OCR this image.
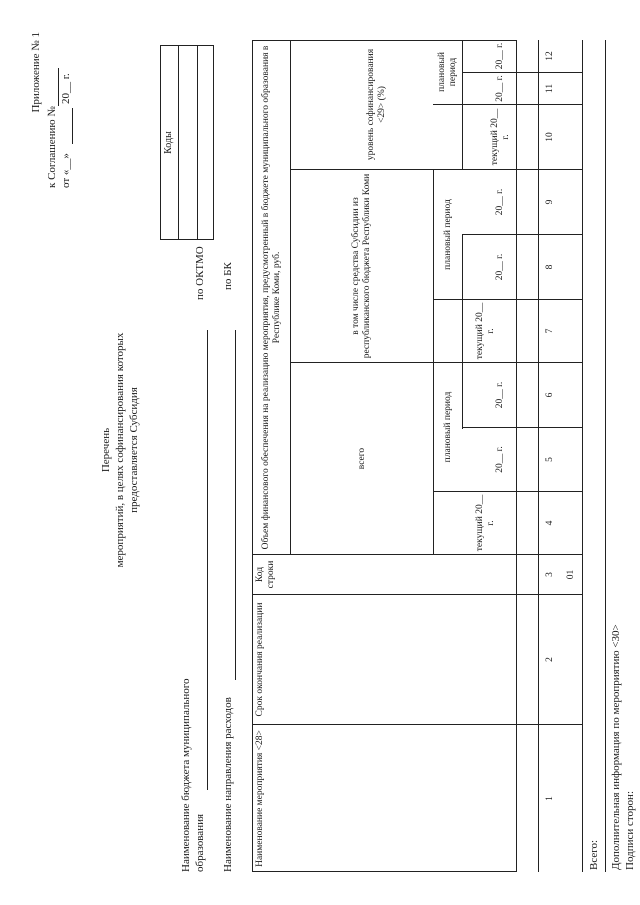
Приложение № 1
к Соглашению № от «__»
20__ г.
Перечень мероприятий, в целях софинансирования которых предоставляется Субсидия
Коды
Наименование бюджета муниципального образования
по ОКТМО
Наименование направления расходов
по БК
Наименование мероприятия <28>
Срок окончания реализации
Код строки
Объем финансового обеспечения на реализацию мероприятия, предусмотренный в бюджете муниципального образования в Республике Коми, руб.
всего
в том числе средства Субсидии из республиканского бюджета Республики Коми
уровень софинансирования <29> (%)
текущий 20__ г.
плановый период	20__ г.
20__ г.
текущий 20__ г.
плановый период	20__ г.
20__ г.
текущий 20__ г.
плановый период
20__ г.
20__ г.
1
2
3
4
5
6
7
8
9
10
11
12
01
Всего: Дополнительная информация по мероприятию <30> Подписи сторон:
